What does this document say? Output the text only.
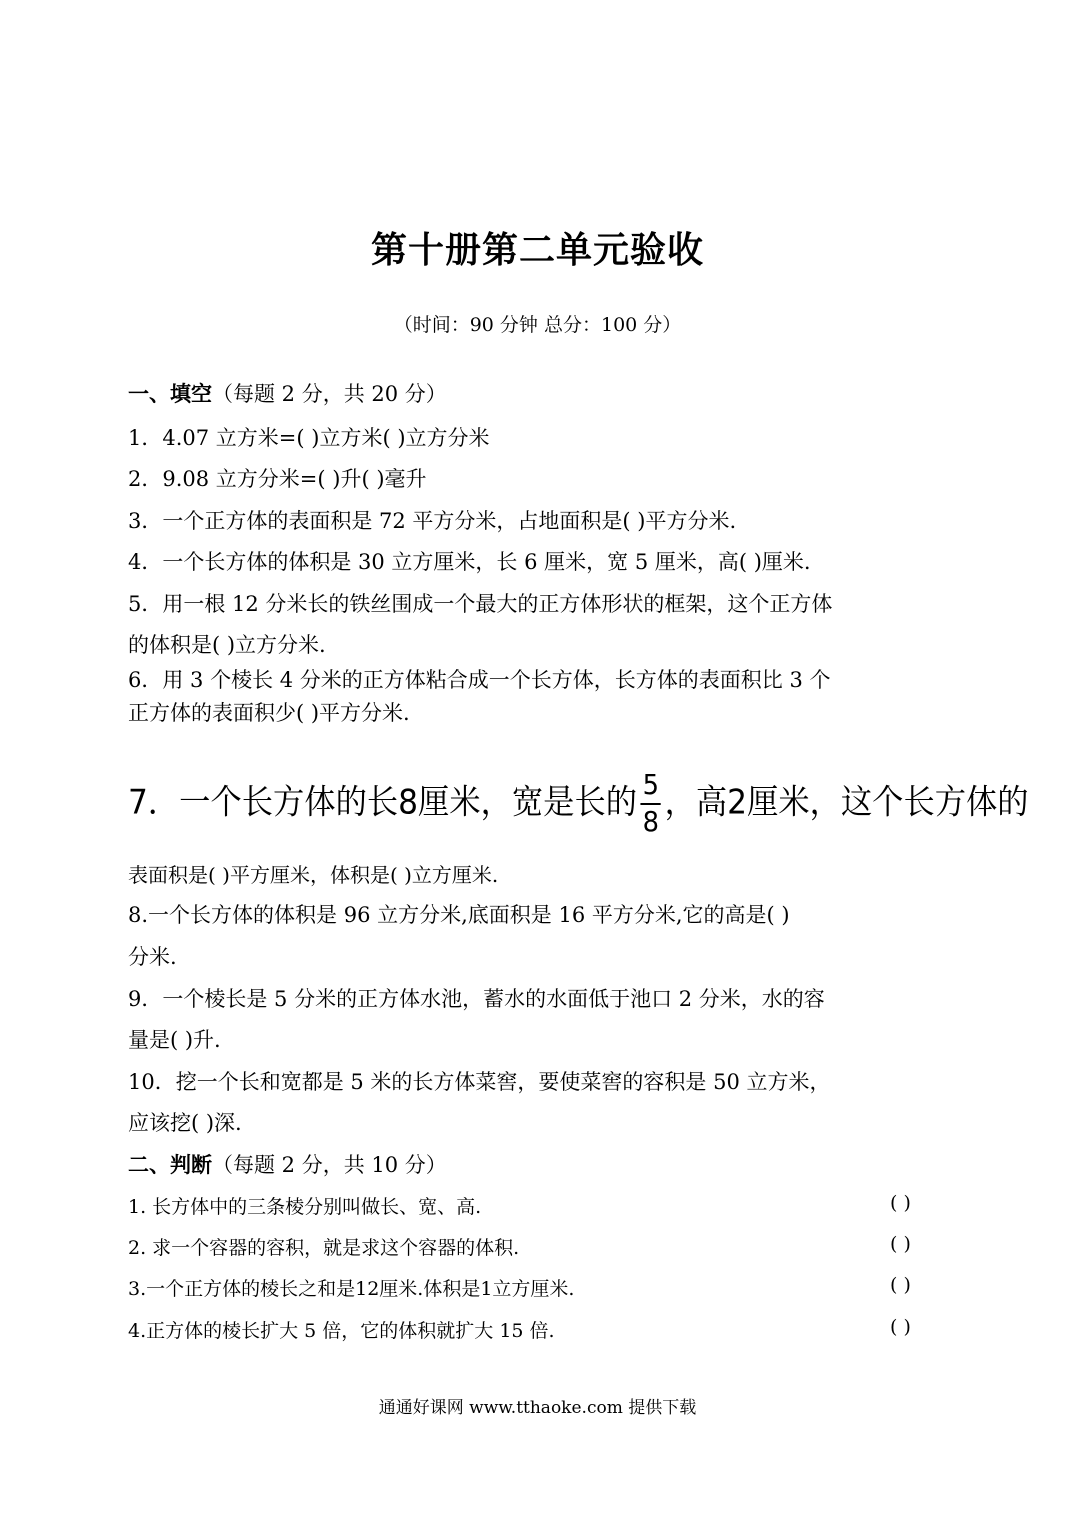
第十册第二单元验收
（时间：90 分钟 总分：100 分）
一、填空（每题 2 分，共 20 分）
1．4.07 立方米=( )立方米( )立方分米
2．9.08 立方分米=( )升( )毫升
3．一个正方体的表面积是 72 平方分米，占地面积是( )平方分米.
4．一个长方体的体积是 30 立方厘米，长 6 厘米，宽 5 厘米，高( )厘米.
5．用一根 12 分米长的铁丝围成一个最大的正方体形状的框架，这个正方体
的体积是( )立方分米.
6．用 3 个棱长 4 分米的正方体粘合成一个长方体，长方体的表面积比 3 个
正方体的表面积少( )平方分米.
7．一个长方体的长8厘米，宽是长的 $\frac{5}{8}$ ，高2厘米，这个长方体的
表面积是( )平方厘米，体积是( )立方厘米.
8.一个长方体的体积是 96 立方分米,底面积是 16 平方分米,它的高是( )
分米.
9．一个棱长是 5 分米的正方体水池，蓄水的水面低于池口 2 分米，水的容
量是( )升.
10．挖一个长和宽都是 5 米的长方体菜窖，要使菜窖的容积是 50 立方米，
应该挖( )深.
二、判断（每题 2 分，共 10 分）
1. 长方体中的三条棱分别叫做长、宽、高.	( )
2. 求一个容器的容积，就是求这个容器的体积.	( )
3.一个正方体的棱长之和是12厘米.体积是1立方厘米.	( )
4.正方体的棱长扩大 5 倍，它的体积就扩大 15 倍.	( )
通通好课网 www.tthaoke.com 提供下载
